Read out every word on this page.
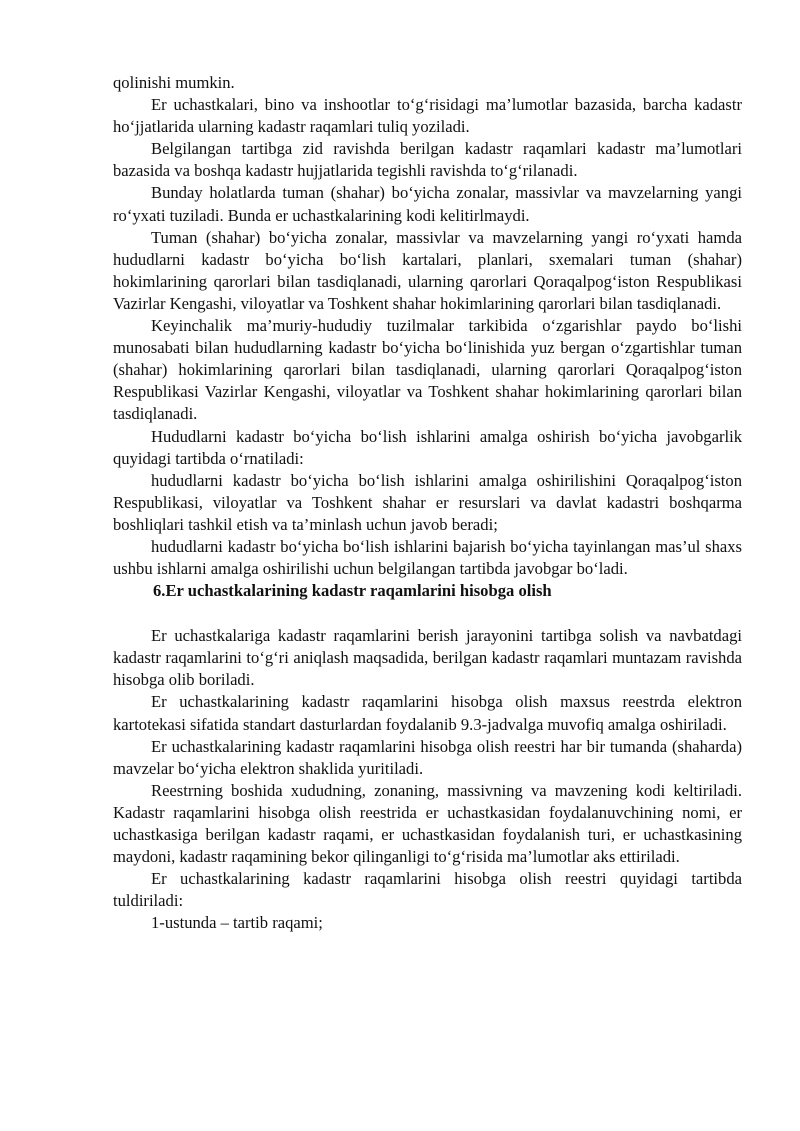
qolinishi mumkin.

Er uchastkalari, bino va inshootlar to‘g‘risidagi ma’lumotlar bazasida, barcha kadastr ho‘jjatlarida ularning kadastr raqamlari tuliq yoziladi.

Belgilangan tartibga zid ravishda berilgan kadastr raqamlari kadastr ma’lumotlari bazasida va boshqa kadastr hujjatlarida tegishli ravishda to‘g‘rilanadi.

Bunday holatlarda tuman (shahar) bo‘yicha zonalar, massivlar va mavzelarning yangi ro‘yxati tuziladi. Bunda er uchastkalarining kodi kelitirlmaydi.

Tuman (shahar) bo‘yicha zonalar, massivlar va mavzelarning yangi ro‘yxati hamda hududlarni kadastr bo‘yicha bo‘lish kartalari, planlari, sxemalari tuman (shahar) hokimlarining qarorlari bilan tasdiqlanadi, ularning qarorlari Qoraqalpog‘iston Respublikasi Vazirlar Kengashi, viloyatlar va Toshkent shahar hokimlarining qarorlari bilan tasdiqlanadi.

Keyinchalik ma’muriy-hududiy tuzilmalar tarkibida o‘zgarishlar paydo bo‘lishi munosabati bilan hududlarning kadastr bo‘yicha bo‘linishida yuz bergan o‘zgartishlar tuman (shahar) hokimlarining qarorlari bilan tasdiqlanadi, ularning qarorlari Qoraqalpog‘iston Respublikasi Vazirlar Kengashi, viloyatlar va Toshkent shahar hokimlarining qarorlari bilan tasdiqlanadi.

Hududlarni kadastr bo‘yicha bo‘lish ishlarini amalga oshirish bo‘yicha javobgarlik quyidagi tartibda o‘rnatiladi:

hududlarni kadastr bo‘yicha bo‘lish ishlarini amalga oshirilishini Qoraqalpog‘iston Respublikasi, viloyatlar va Toshkent shahar er resurslari va davlat kadastri boshqarma boshliqlari tashkil etish va ta’minlash uchun javob beradi;

hududlarni kadastr bo‘yicha bo‘lish ishlarini bajarish bo‘yicha tayinlangan mas’ul shaxs ushbu ishlarni amalga oshirilishi uchun belgilangan tartibda javobgar bo‘ladi.

6.Er uchastkalarining kadastr raqamlarini hisobga olish

Er uchastkalariga kadastr raqamlarini berish jarayonini tartibga solish va navbatdagi kadastr raqamlarini to‘g‘ri aniqlash maqsadida, berilgan kadastr raqamlari muntazam ravishda hisobga olib boriladi.

Er uchastkalarining kadastr raqamlarini hisobga olish maxsus reestrda elektron kartotekasi sifatida standart dasturlardan foydalanib 9.3-jadvalga muvofiq amalga oshiriladi.

Er uchastkalarining kadastr raqamlarini hisobga olish reestri har bir tumanda (shaharda) mavzelar bo‘yicha elektron shaklida yuritiladi.

Reestrning boshida xududning, zonaning, massivning va mavzening kodi keltiriladi. Kadastr raqamlarini hisobga olish reestrida er uchastkasidan foydalanuvchining nomi, er uchastkasiga berilgan kadastr raqami, er uchastkasidan foydalanish turi, er uchastkasining maydoni, kadastr raqamining bekor qilinganligi to‘g‘risida ma’lumotlar aks ettiriladi.

Er uchastkalarining kadastr raqamlarini hisobga olish reestri quyidagi tartibda tuldiriladi:

1-ustunda – tartib raqami;
